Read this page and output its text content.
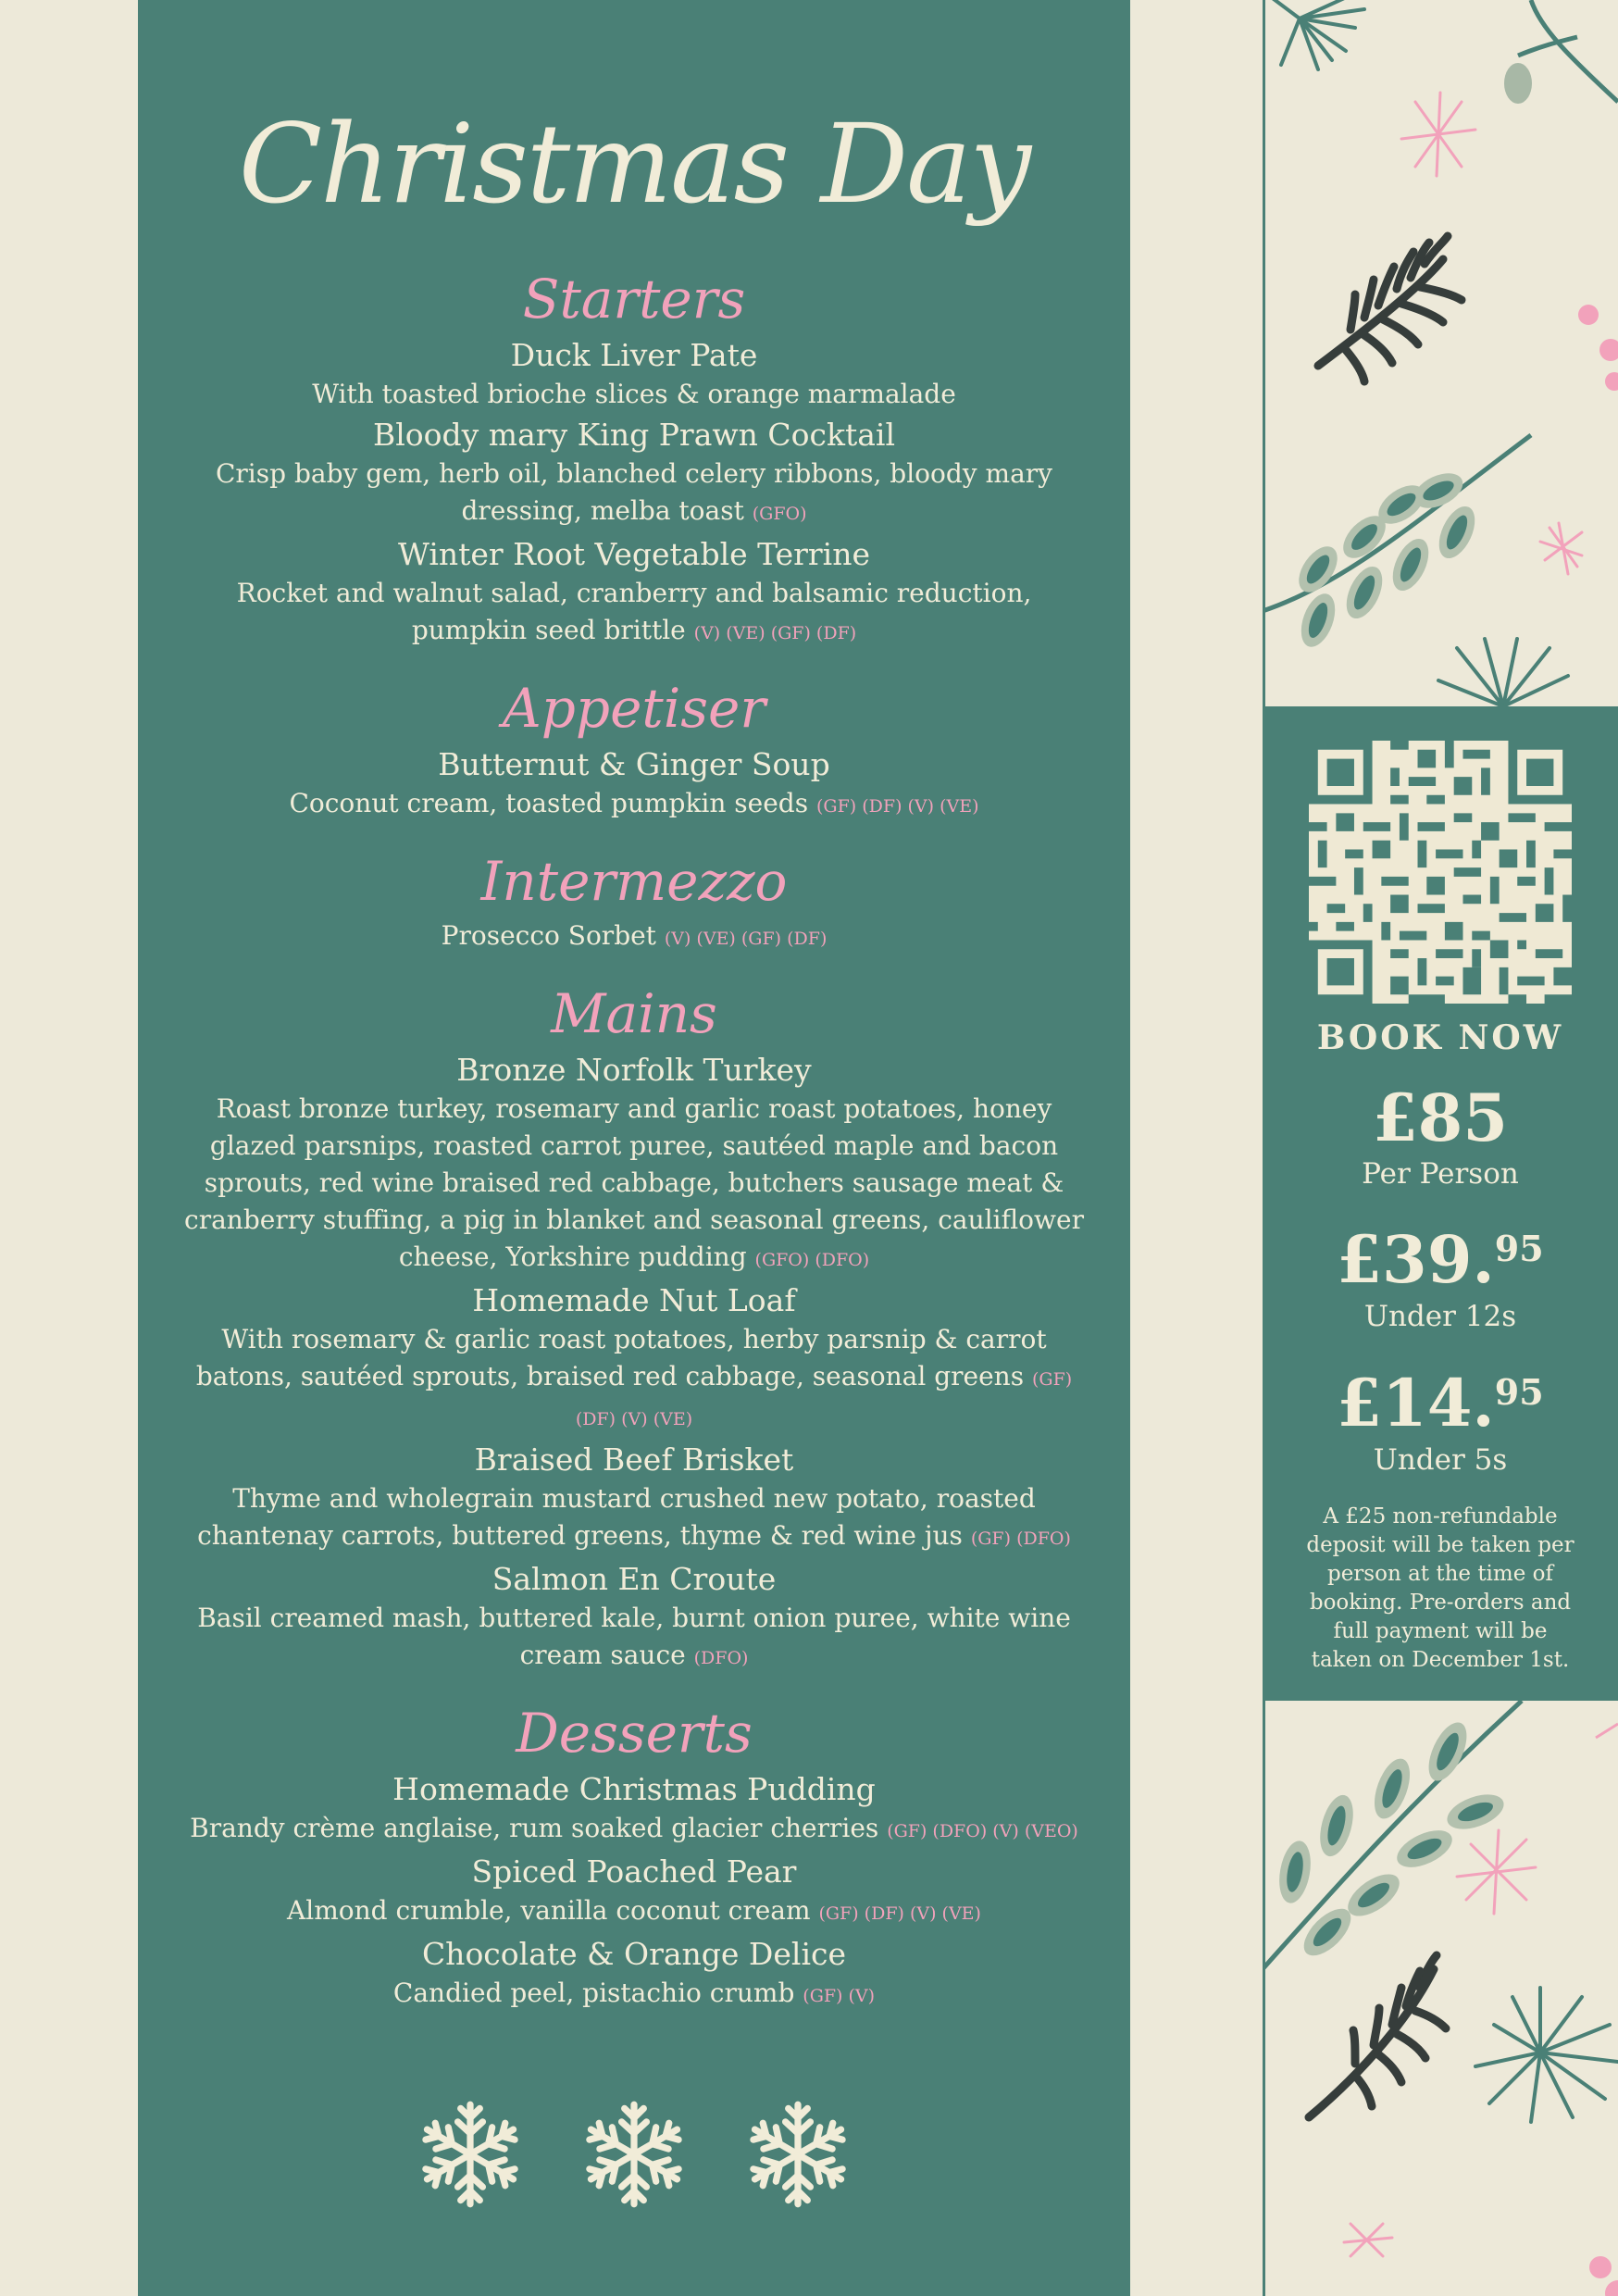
Christmas Day
Starters
Duck Liver Pate
With toasted brioche slices & orange marmalade
Bloody mary King Prawn Cocktail
Crisp baby gem, herb oil, blanched celery ribbons, bloody mary dressing, melba toast (GFO)
Winter Root Vegetable Terrine
Rocket and walnut salad, cranberry and balsamic reduction, pumpkin seed brittle (V) (VE) (GF) (DF)
Appetiser
Butternut & Ginger Soup
Coconut cream, toasted pumpkin seeds (GF) (DF) (V) (VE)
Intermezzo
Prosecco Sorbet (V) (VE) (GF) (DF)
Mains
Bronze Norfolk Turkey
Roast bronze turkey, rosemary and garlic roast potatoes, honey glazed parsnips, roasted carrot puree, sautéed maple and bacon sprouts, red wine braised red cabbage, butchers sausage meat & cranberry stuffing, a pig in blanket and seasonal greens, cauliflower cheese, Yorkshire pudding (GFO) (DFO)
Homemade Nut Loaf
With rosemary & garlic roast potatoes, herby parsnip & carrot batons, sautéed sprouts, braised red cabbage, seasonal greens (GF) (DF) (V) (VE)
Braised Beef Brisket
Thyme and wholegrain mustard crushed new potato, roasted chantenay carrots, buttered greens, thyme & red wine jus (GF) (DFO)
Salmon En Croute
Basil creamed mash, buttered kale, burnt onion puree, white wine cream sauce (DFO)
Desserts
Homemade Christmas Pudding
Brandy crème anglaise, rum soaked glacier cherries (GF) (DFO) (V) (VEO)
Spiced Poached Pear
Almond crumble, vanilla coconut cream (GF) (DF) (V) (VE)
Chocolate & Orange Delice
Candied peel, pistachio crumb (GF) (V)

BOOK NOW
£85
Per Person
£39.95
Under 12s
£14.95
Under 5s
A £25 non-refundable deposit will be taken per person at the time of booking. Pre-orders and full payment will be taken on December 1st.
